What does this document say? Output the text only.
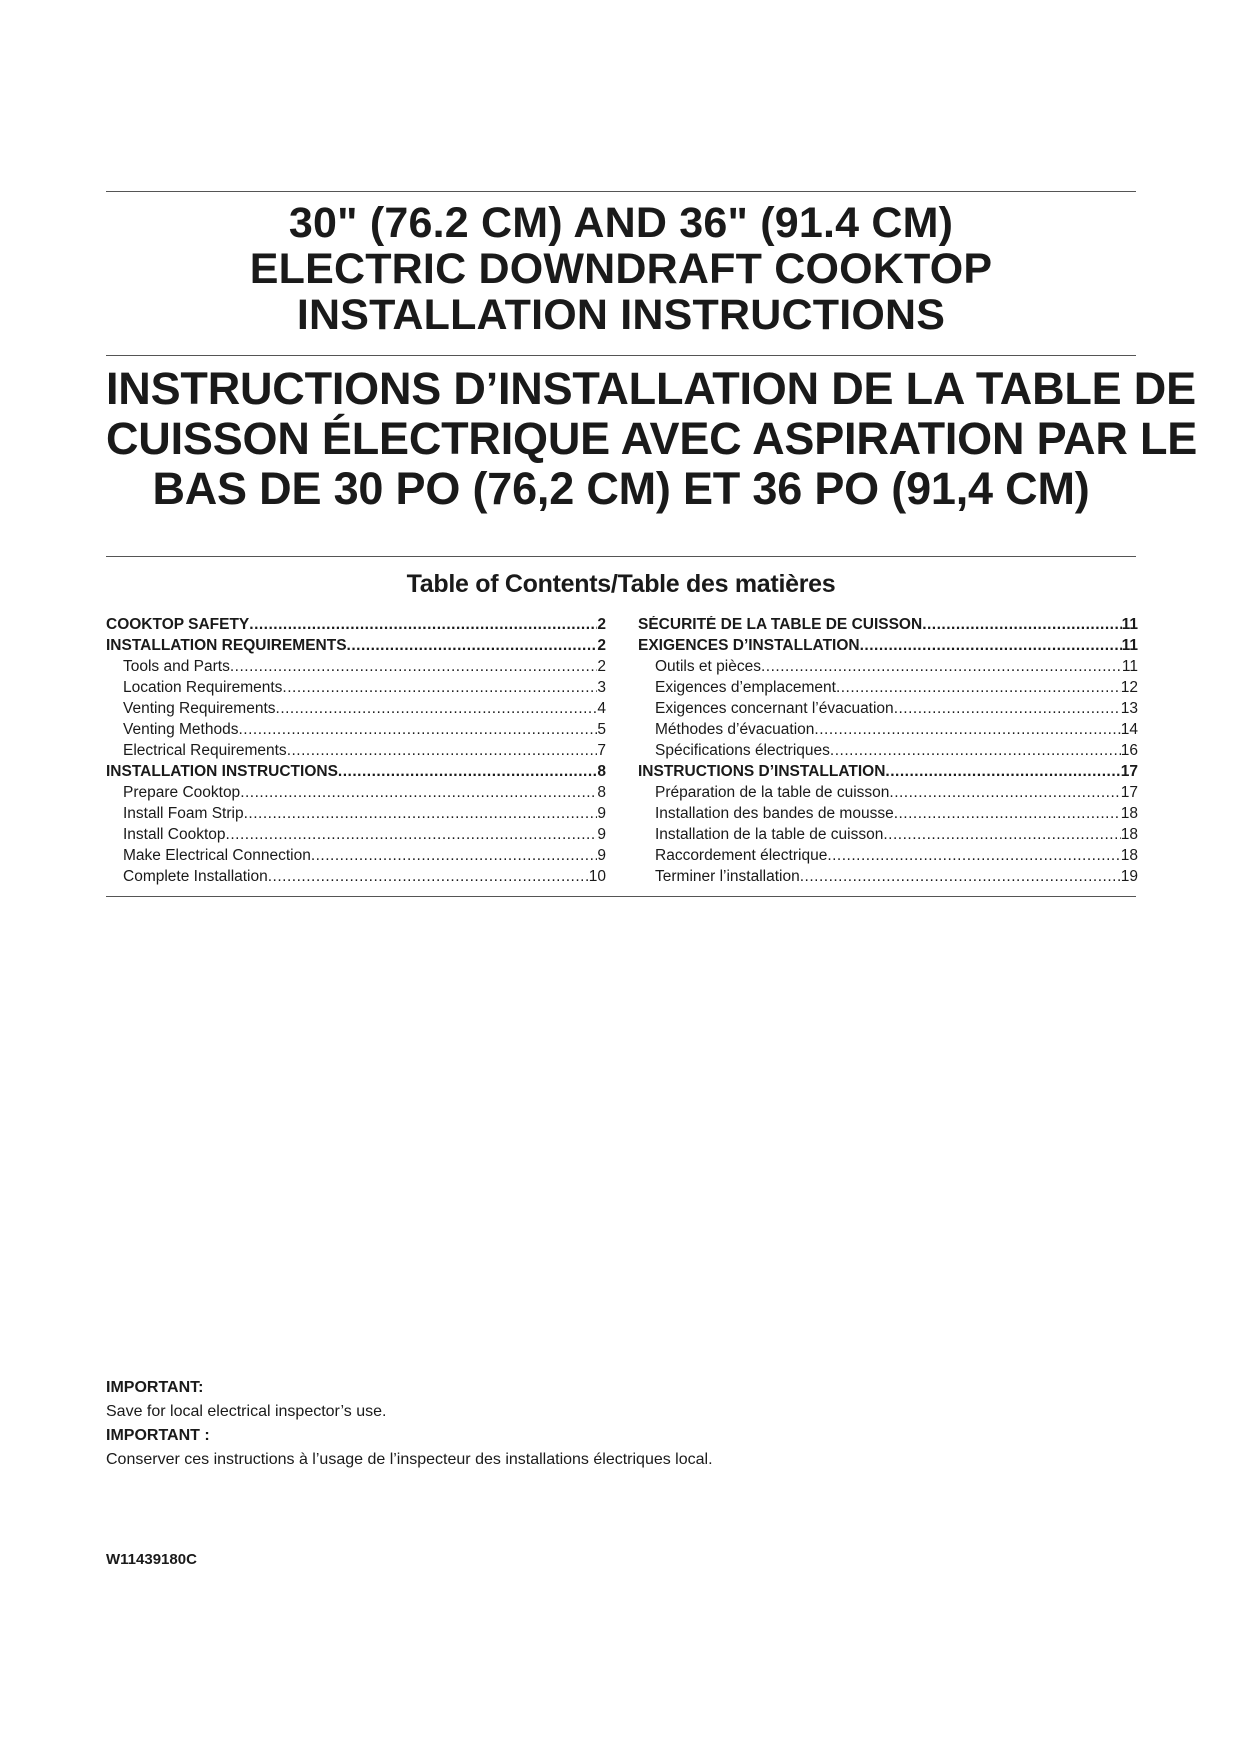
30" (76.2 CM) AND 36" (91.4 CM)
ELECTRIC DOWNDRAFT COOKTOP
INSTALLATION INSTRUCTIONS
INSTRUCTIONS D’INSTALLATION DE LA TABLE DE
CUISSON ÉLECTRIQUE AVEC ASPIRATION PAR LE
BAS DE 30 PO (76,2 CM) ET 36 PO (91,4 CM)
Table of Contents/Table des matières
COOKTOP SAFETY .....	2
INSTALLATION REQUIREMENTS .....	2
Tools and Parts .....	2
Location Requirements .....	3
Venting Requirements .....	4
Venting Methods .....	5
Electrical Requirements .....	7
INSTALLATION INSTRUCTIONS .....	8
Prepare Cooktop .....	8
Install Foam Strip .....	9
Install Cooktop .....	9
Make Electrical Connection .....	9
Complete Installation .....	10
SÉCURITÉ DE LA TABLE DE CUISSON .....	11
EXIGENCES D’INSTALLATION .....	11
Outils et pièces .....	11
Exigences d’emplacement .....	12
Exigences concernant l’évacuation .....	13
Méthodes d’évacuation .....	14
Spécifications électriques .....	16
INSTRUCTIONS D’INSTALLATION .....	17
Préparation de la table de cuisson .....	17
Installation des bandes de mousse .....	18
Installation de la table de cuisson .....	18
Raccordement électrique .....	18
Terminer l’installation .....	19
IMPORTANT:
Save for local electrical inspector’s use.
IMPORTANT :
Conserver ces instructions à l’usage de l’inspecteur des installations électriques local.
W11439180C
